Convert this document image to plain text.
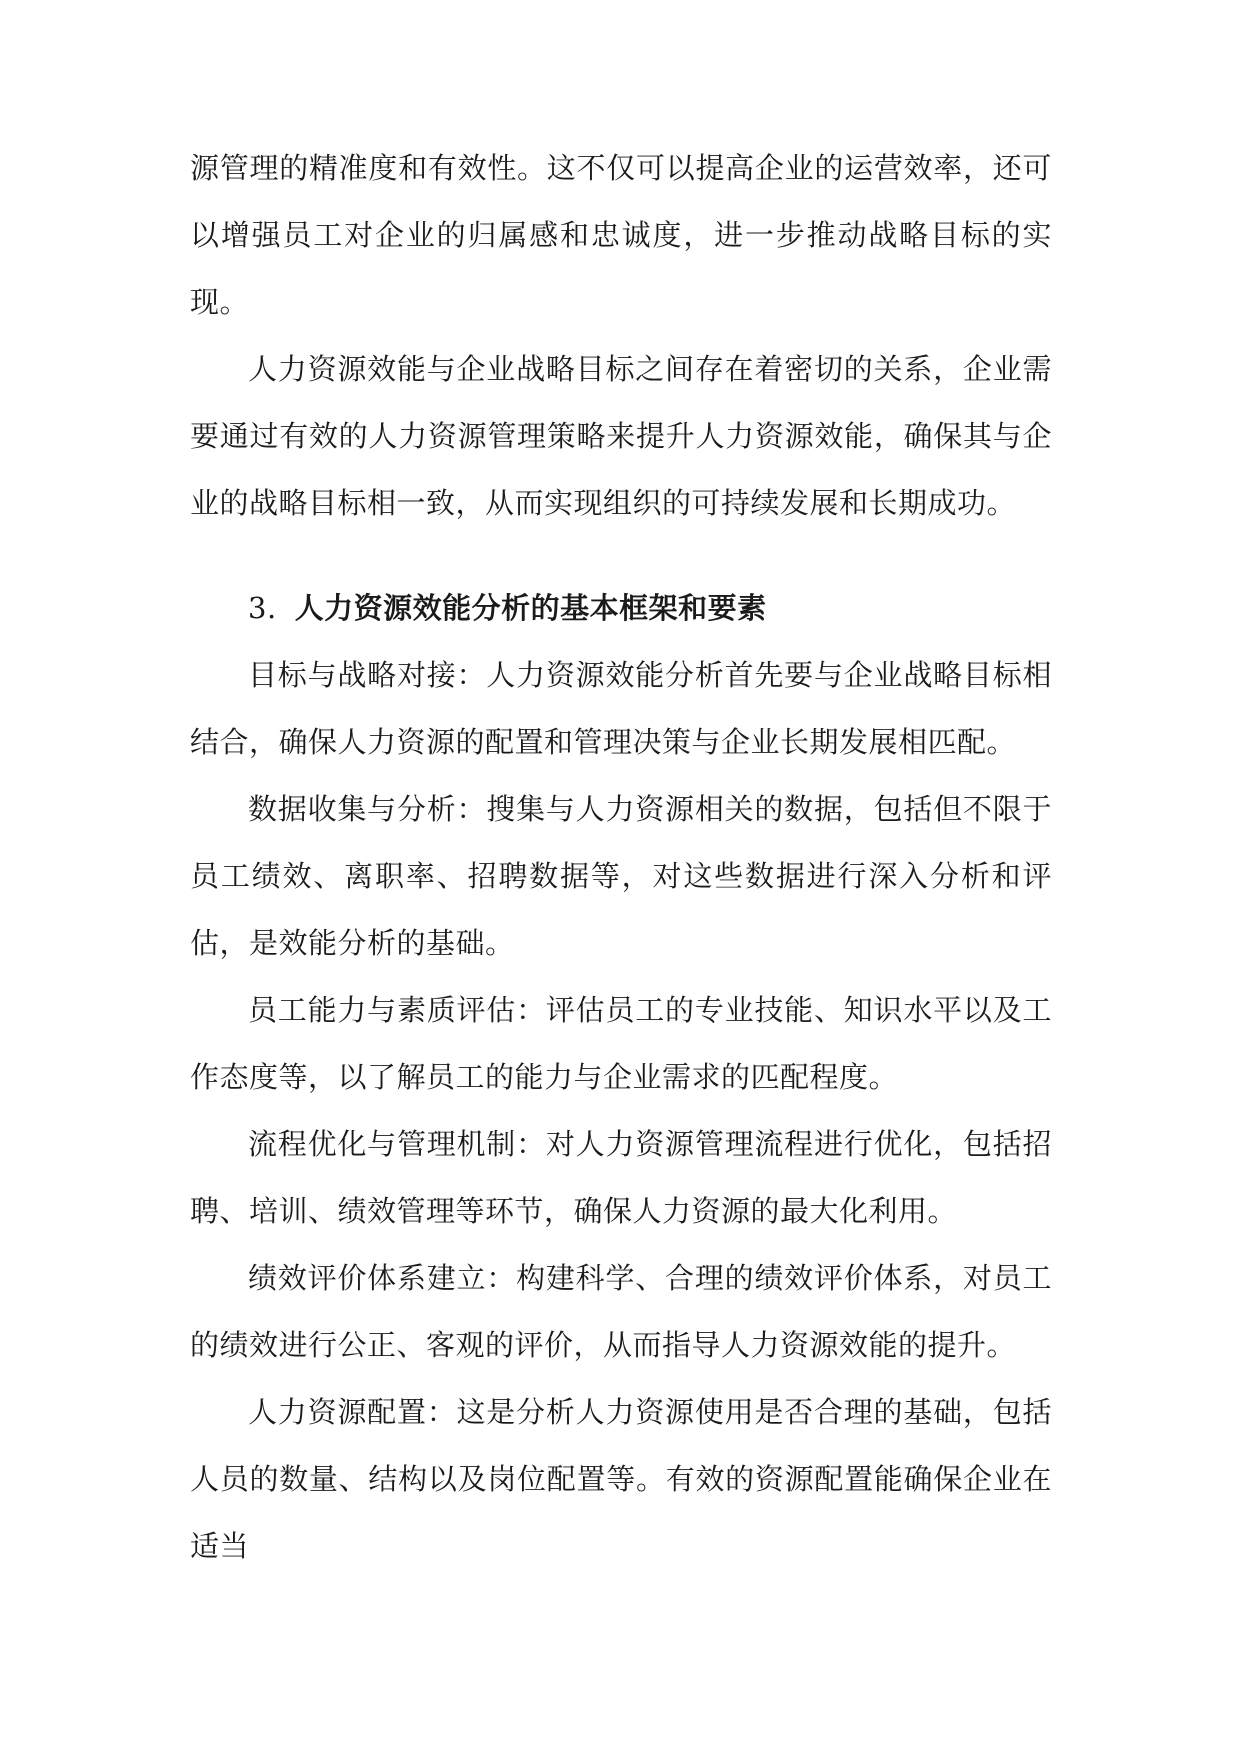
源管理的精准度和有效性。这不仅可以提高企业的运营效率，还可以增强员工对企业的归属感和忠诚度，进一步推动战略目标的实现。

人力资源效能与企业战略目标之间存在着密切的关系，企业需要通过有效的人力资源管理策略来提升人力资源效能，确保其与企业的战略目标相一致，从而实现组织的可持续发展和长期成功。

3. 人力资源效能分析的基本框架和要素

目标与战略对接：人力资源效能分析首先要与企业战略目标相结合，确保人力资源的配置和管理决策与企业长期发展相匹配。

数据收集与分析：搜集与人力资源相关的数据，包括但不限于员工绩效、离职率、招聘数据等，对这些数据进行深入分析和评估，是效能分析的基础。

员工能力与素质评估：评估员工的专业技能、知识水平以及工作态度等，以了解员工的能力与企业需求的匹配程度。

流程优化与管理机制：对人力资源管理流程进行优化，包括招聘、培训、绩效管理等环节，确保人力资源的最大化利用。

绩效评价体系建立：构建科学、合理的绩效评价体系，对员工的绩效进行公正、客观的评价，从而指导人力资源效能的提升。

人力资源配置：这是分析人力资源使用是否合理的基础，包括人员的数量、结构以及岗位配置等。有效的资源配置能确保企业在适当
